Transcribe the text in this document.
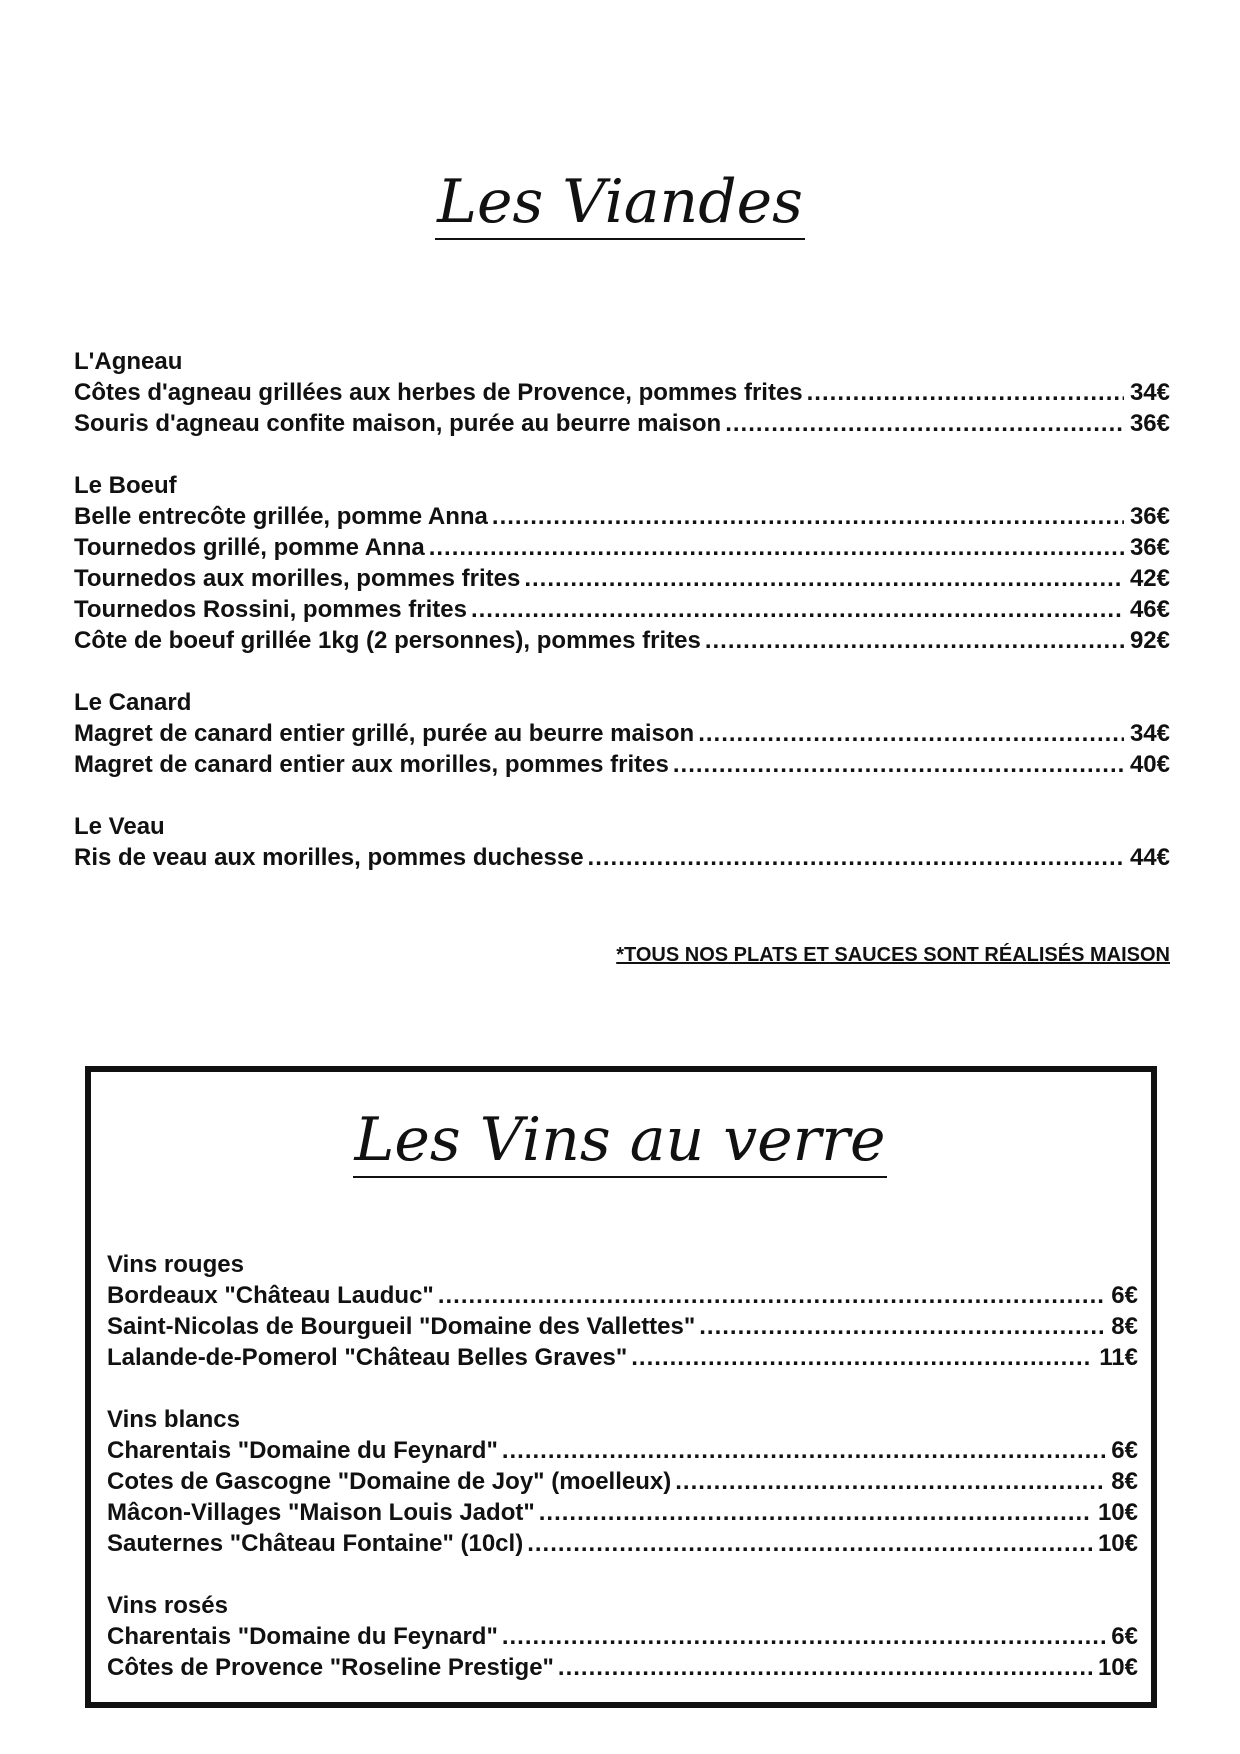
Les Viandes
L'Agneau
Côtes d'agneau grillées aux herbes de Provence, pommes frites .....	34€
Souris d'agneau confite maison, purée au beurre maison .....	36€
Le Boeuf
Belle entrecôte grillée, pomme Anna .....	36€
Tournedos grillé, pomme Anna .....	36€
Tournedos aux morilles, pommes frites .....	42€
Tournedos Rossini, pommes frites .....	46€
Côte de boeuf grillée 1kg (2 personnes), pommes frites .....	92€
Le Canard
Magret de canard entier grillé, purée au beurre maison .....	34€
Magret de canard entier aux morilles, pommes frites .....	40€
Le Veau
Ris de veau aux morilles, pommes duchesse .....	44€
*TOUS NOS PLATS ET SAUCES SONT RÉALISÉS MAISON
Les Vins au verre
Vins rouges
Bordeaux "Château Lauduc" .....	6€
Saint-Nicolas de Bourgueil "Domaine des Vallettes" .....	8€
Lalande-de-Pomerol "Château Belles Graves" .....	11€
Vins blancs
Charentais "Domaine du Feynard" .....	6€
Cotes de Gascogne "Domaine de Joy" (moelleux) .....	8€
Mâcon-Villages "Maison Louis Jadot" .....	10€
Sauternes "Château Fontaine" (10cl) .....	10€
Vins rosés
Charentais "Domaine du Feynard" .....	6€
Côtes de Provence "Roseline Prestige" .....	10€
